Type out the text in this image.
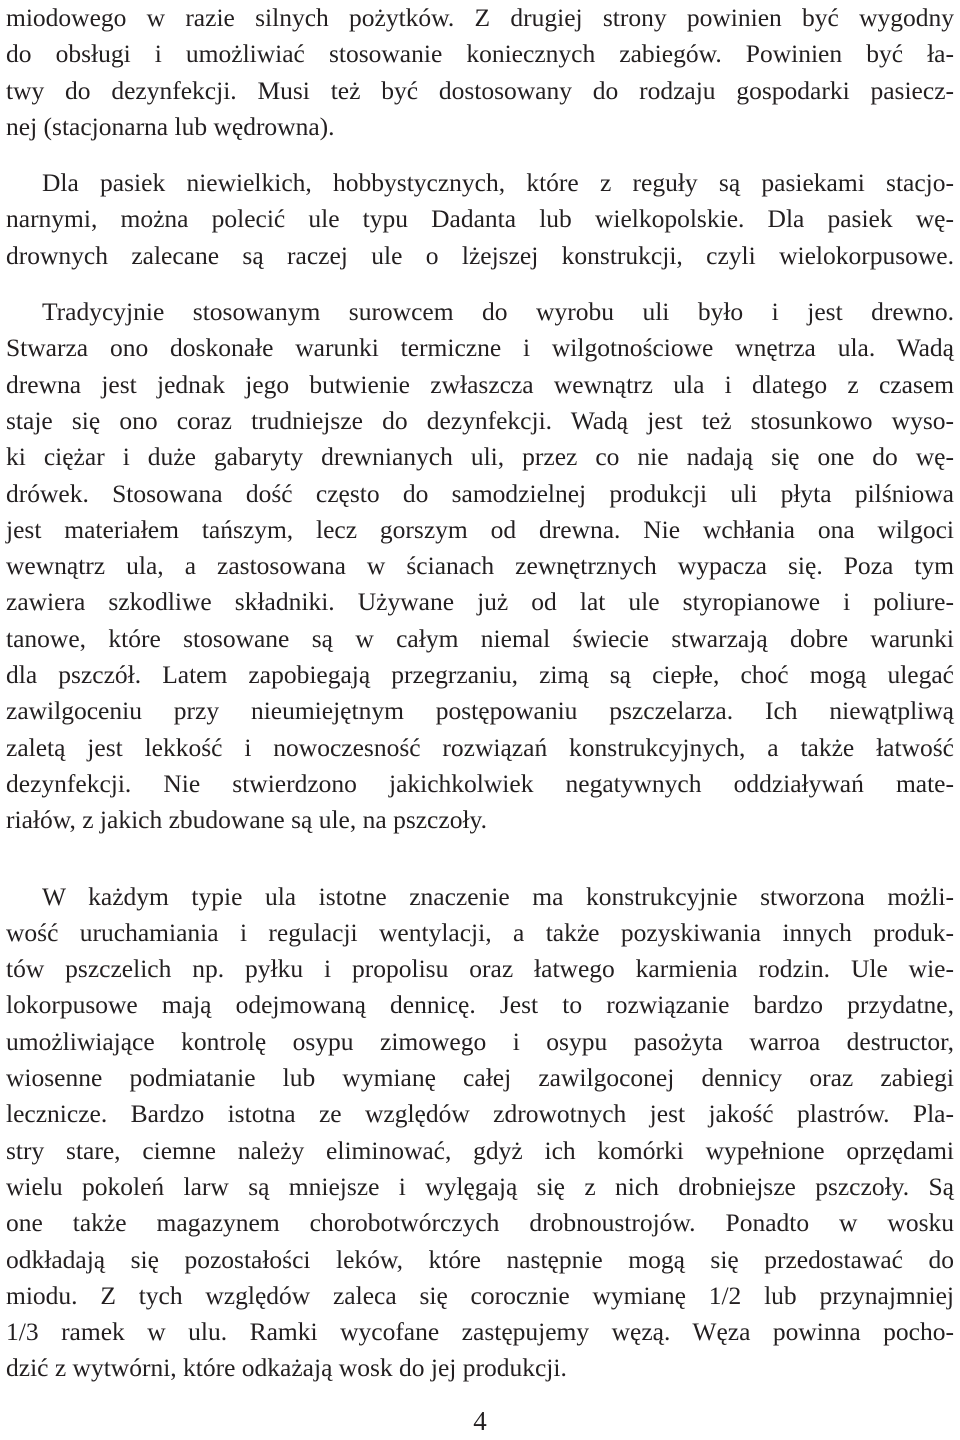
miodowego w razie silnych pożytków. Z drugiej strony powinien być wygodny
do obsługi i umożliwiać stosowanie koniecznych zabiegów. Powinien być ła-
twy do dezynfekcji. Musi też być dostosowany do rodzaju gospodarki pasiecz-
nej (stacjonarna lub wędrowna).
Dla pasiek niewielkich, hobbystycznych, które z reguły są pasiekami stacjo-
narnymi, można polecić ule typu Dadanta lub wielkopolskie. Dla pasiek wę-
drownych zalecane są raczej ule o lżejszej konstrukcji, czyli wielokorpusowe.
Tradycyjnie stosowanym surowcem do wyrobu uli było i jest drewno.
Stwarza ono doskonałe warunki termiczne i wilgotnościowe wnętrza ula. Wadą
drewna jest jednak jego butwienie zwłaszcza wewnątrz ula i dlatego z czasem
staje się ono coraz trudniejsze do dezynfekcji. Wadą jest też stosunkowo wyso-
ki ciężar i duże gabaryty drewnianych uli, przez co nie nadają się one do wę-
drówek. Stosowana dość często do samodzielnej produkcji uli płyta pilśniowa
jest materiałem tańszym, lecz gorszym od drewna. Nie wchłania ona wilgoci
wewnątrz ula, a zastosowana w ścianach zewnętrznych wypacza się. Poza tym
zawiera szkodliwe składniki. Używane już od lat ule styropianowe i poliure-
tanowe, które stosowane są w całym niemal świecie stwarzają dobre warunki
dla pszczół. Latem zapobiegają przegrzaniu, zimą są ciepłe, choć mogą ulegać
zawilgoceniu przy nieumiejętnym postępowaniu pszczelarza. Ich niewątpliwą
zaletą jest lekkość i nowoczesność rozwiązań konstrukcyjnych, a także łatwość
dezynfekcji. Nie stwierdzono jakichkolwiek negatywnych oddziaływań mate-
riałów, z jakich zbudowane są ule, na pszczoły.
W każdym typie ula istotne znaczenie ma konstrukcyjnie stworzona możli-
wość uruchamiania i regulacji wentylacji, a także pozyskiwania innych produk-
tów pszczelich np. pyłku i propolisu oraz łatwego karmienia rodzin. Ule wie-
lokorpusowe mają odejmowaną dennicę. Jest to rozwiązanie bardzo przydatne,
umożliwiające kontrolę osypu zimowego i osypu pasożyta warroa destructor,
wiosenne podmiatanie lub wymianę całej zawilgoconej dennicy oraz zabiegi
lecznicze. Bardzo istotna ze względów zdrowotnych jest jakość plastrów. Pla-
stry stare, ciemne należy eliminować, gdyż ich komórki wypełnione oprzędami
wielu pokoleń larw są mniejsze i wylęgają się z nich drobniejsze pszczoły. Są
one także magazynem chorobotwórczych drobnoustrojów. Ponadto w wosku
odkładają się pozostałości leków, które następnie mogą się przedostawać do
miodu. Z tych względów zaleca się corocznie wymianę 1/2 lub przynajmniej
1/3 ramek w ulu. Ramki wycofane zastępujemy węzą. Węza powinna pocho-
dzić z wytwórni, które odkażają wosk do jej produkcji.
4
